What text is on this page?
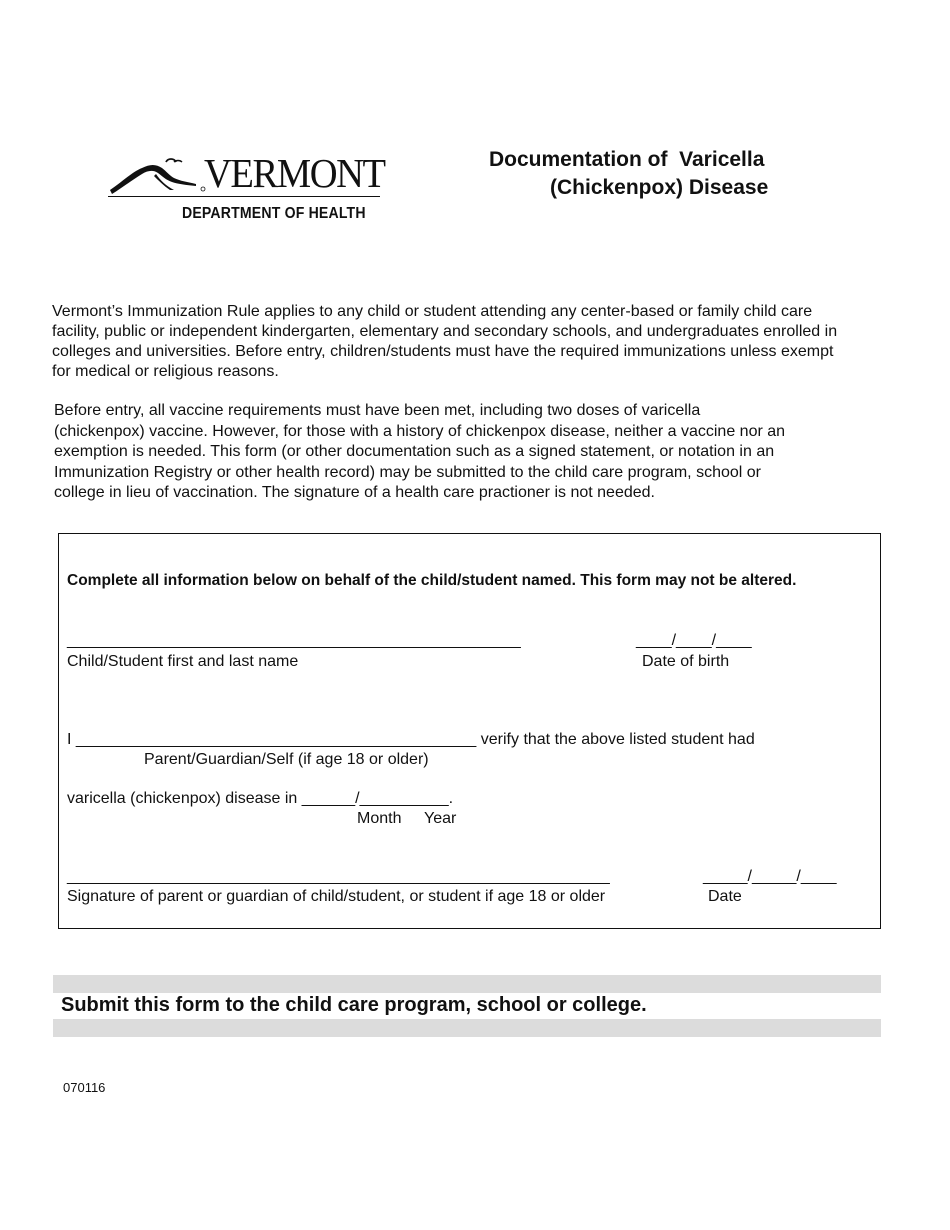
VERMONT
DEPARTMENT OF HEALTH
Documentation of  Varicella
(Chickenpox) Disease
Vermont’s Immunization Rule applies to any child or student attending any center-based or family child care
facility, public or independent kindergarten, elementary and secondary schools, and undergraduates enrolled in
colleges and universities. Before entry, children/students must have the required immunizations unless exempt
for medical or religious reasons.
Before entry, all vaccine requirements must have been met, including two doses of varicella
(chickenpox) vaccine. However, for those with a history of chickenpox disease, neither a vaccine nor an
exemption is needed. This form (or other documentation such as a signed statement, or notation in an
Immunization Registry or other health record) may be submitted to the child care program, school or
college in lieu of vaccination. The signature of a health care practioner is not needed.
Complete all information below on behalf of the child/student named. This form may not be altered.
___________________________________________________
Child/Student first and last name
____/____/____
Date of birth
I _____________________________________________ verify that the above listed student had
Parent/Guardian/Self (if age 18 or older)
varicella (chickenpox) disease in ______/__________.
Month Year
_____________________________________________________________
Signature of parent or guardian of child/student, or student if age 18 or older
_____/_____/____
Date
Submit this form to the child care program, school or college.
070116
